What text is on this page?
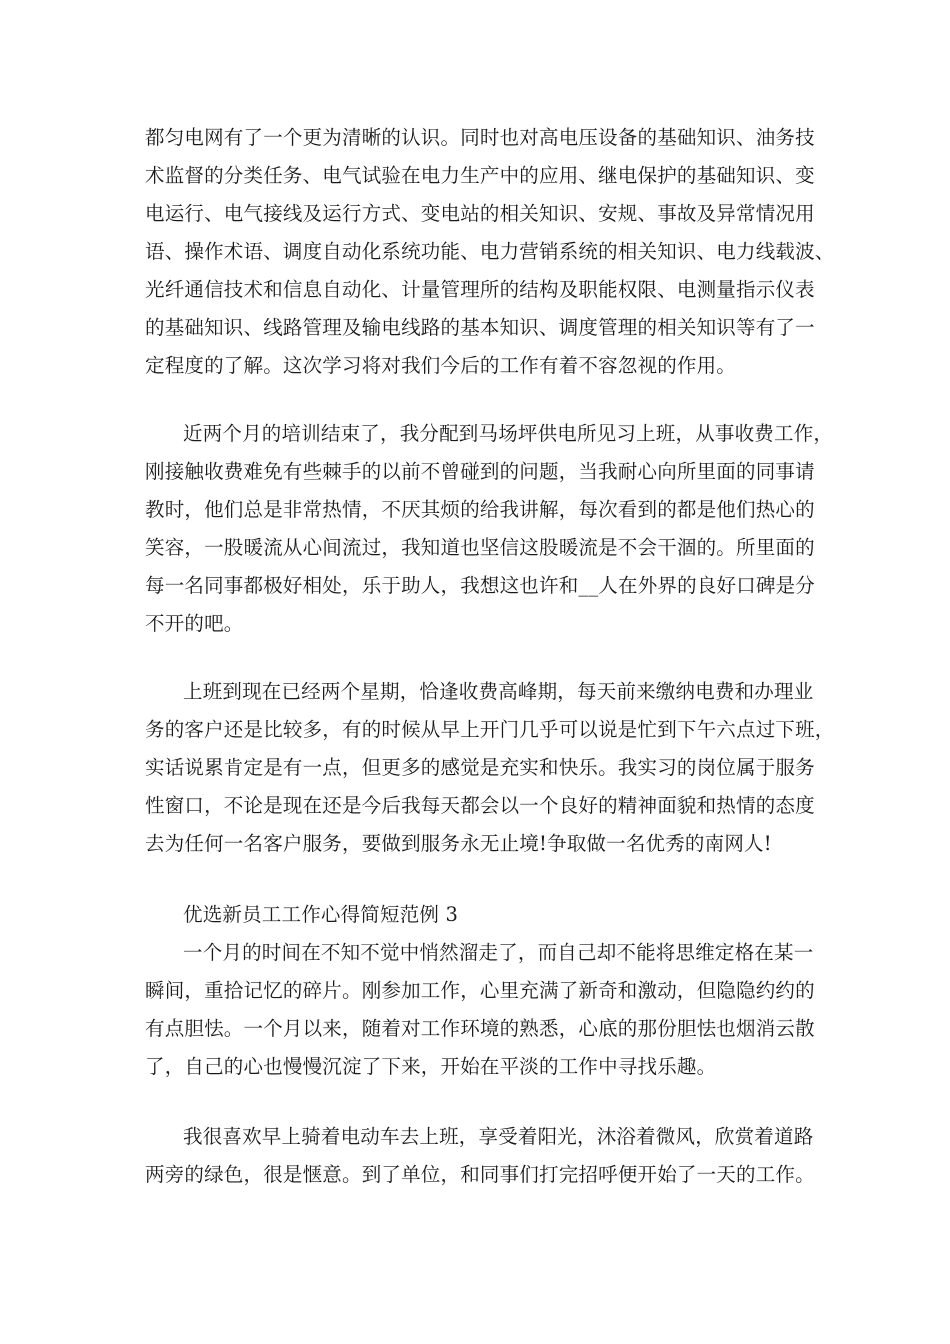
都匀电网有了一个更为清晰的认识。同时也对高电压设备的基础知识、油务技
术监督的分类任务、电气试验在电力生产中的应用、继电保护的基础知识、变
电运行、电气接线及运行方式、变电站的相关知识、安规、事故及异常情况用
语、操作术语、调度自动化系统功能、电力营销系统的相关知识、电力线载波、
光纤通信技术和信息自动化、计量管理所的结构及职能权限、电测量指示仪表
的基础知识、线路管理及输电线路的基本知识、调度管理的相关知识等有了一
定程度的了解。这次学习将对我们今后的工作有着不容忽视的作用。
近两个月的培训结束了，我分配到马场坪供电所见习上班，从事收费工作，
刚接触收费难免有些棘手的以前不曾碰到的问题，当我耐心向所里面的同事请
教时，他们总是非常热情，不厌其烦的给我讲解，每次看到的都是他们热心的
笑容，一股暖流从心间流过，我知道也坚信这股暖流是不会干涸的。所里面的
每一名同事都极好相处，乐于助人，我想这也许和__人在外界的良好口碑是分
不开的吧。
上班到现在已经两个星期，恰逢收费高峰期，每天前来缴纳电费和办理业
务的客户还是比较多，有的时候从早上开门几乎可以说是忙到下午六点过下班，
实话说累肯定是有一点，但更多的感觉是充实和快乐。我实习的岗位属于服务
性窗口，不论是现在还是今后我每天都会以一个良好的精神面貌和热情的态度
去为任何一名客户服务，要做到服务永无止境!争取做一名优秀的南网人!
优选新员工工作心得简短范例 3
一个月的时间在不知不觉中悄然溜走了，而自己却不能将思维定格在某一
瞬间，重拾记忆的碎片。刚参加工作，心里充满了新奇和激动，但隐隐约约的
有点胆怯。一个月以来，随着对工作环境的熟悉，心底的那份胆怯也烟消云散
了，自己的心也慢慢沉淀了下来，开始在平淡的工作中寻找乐趣。
我很喜欢早上骑着电动车去上班，享受着阳光，沐浴着微风，欣赏着道路
两旁的绿色，很是惬意。到了单位，和同事们打完招呼便开始了一天的工作。
